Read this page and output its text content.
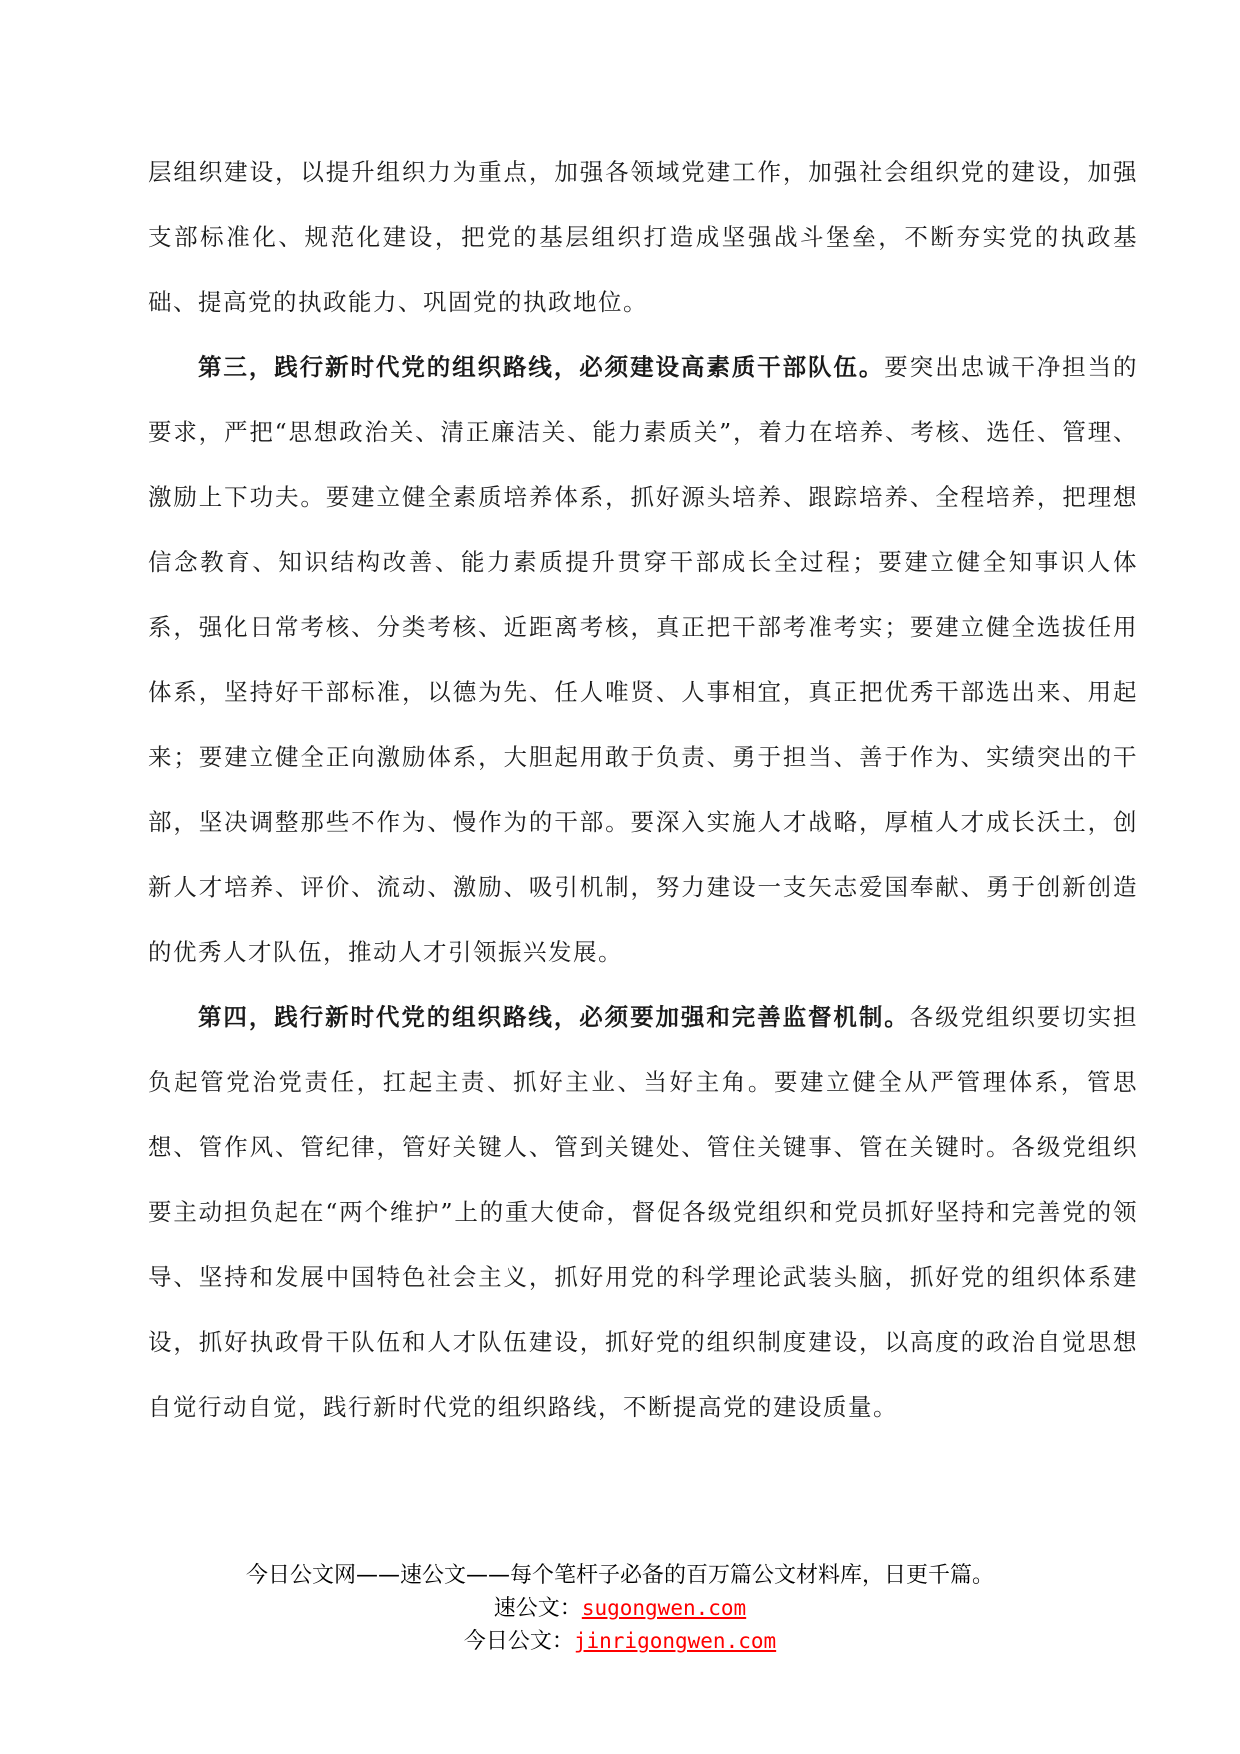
层组织建设，以提升组织力为重点，加强各领域党建工作，加强社会组织党的建设，加强支部标准化、规范化建设，把党的基层组织打造成坚强战斗堡垒，不断夯实党的执政基础、提高党的执政能力、巩固党的执政地位。

第三，践行新时代党的组织路线，必须建设高素质干部队伍。要突出忠诚干净担当的要求，严把“思想政治关、清正廉洁关、能力素质关”，着力在培养、考核、选任、管理、激励上下功夫。要建立健全素质培养体系，抓好源头培养、跟踪培养、全程培养，把理想信念教育、知识结构改善、能力素质提升贯穿干部成长全过程；要建立健全知事识人体系，强化日常考核、分类考核、近距离考核，真正把干部考准考实；要建立健全选拔任用体系，坚持好干部标准，以德为先、任人唯贤、人事相宜，真正把优秀干部选出来、用起来；要建立健全正向激励体系，大胆起用敢于负责、勇于担当、善于作为、实绩突出的干部，坚决调整那些不作为、慢作为的干部。要深入实施人才战略，厚植人才成长沃土，创新人才培养、评价、流动、激励、吸引机制，努力建设一支矢志爱国奉献、勇于创新创造的优秀人才队伍，推动人才引领振兴发展。

第四，践行新时代党的组织路线，必须要加强和完善监督机制。各级党组织要切实担负起管党治党责任，扛起主责、抓好主业、当好主角。要建立健全从严管理体系，管思想、管作风、管纪律，管好关键人、管到关键处、管住关键事、管在关键时。各级党组织要主动担负起在“两个维护”上的重大使命，督促各级党组织和党员抓好坚持和完善党的领导、坚持和发展中国特色社会主义，抓好用党的科学理论武装头脑，抓好党的组织体系建设，抓好执政骨干队伍和人才队伍建设，抓好党的组织制度建设，以高度的政治自觉思想自觉行动自觉，践行新时代党的组织路线，不断提高党的建设质量。

今日公文网——速公文——每个笔杆子必备的百万篇公文材料库，日更千篇。
速公文：sugongwen.com
今日公文：jinrigongwen.com
